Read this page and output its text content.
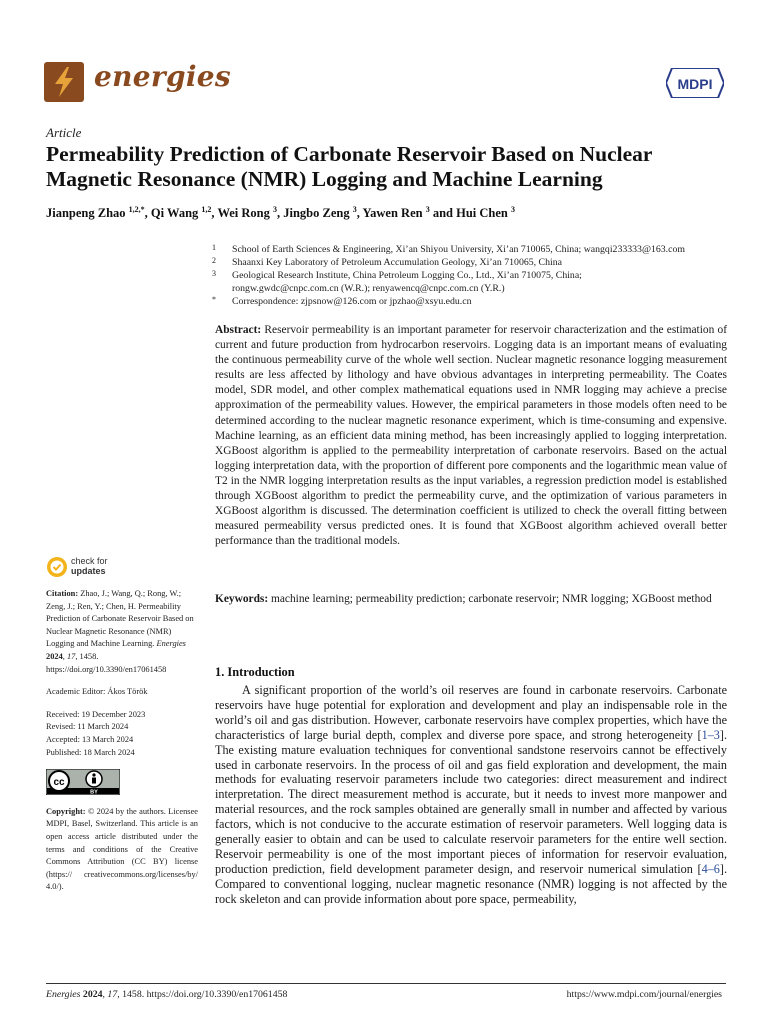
energies	MDPI
Article
Permeability Prediction of Carbonate Reservoir Based on Nuclear Magnetic Resonance (NMR) Logging and Machine Learning
Jianpeng Zhao $^{1,2,*}$, Qi Wang $^{1,2}$, Wei Rong $^3$, Jingbo Zeng $^3$, Yawen Ren $^3$ and Hui Chen $^3$
1 School of Earth Sciences & Engineering, Xi’an Shiyou University, Xi’an 710065, China; wangqi233333@163.com
2 Shaanxi Key Laboratory of Petroleum Accumulation Geology, Xi’an 710065, China
3 Geological Research Institute, China Petroleum Logging Co., Ltd., Xi’an 710075, China;
rongw.gwdc@cnpc.com.cn (W.R.); renyawencq@cnpc.com.cn (Y.R.)
* Correspondence: zjpsnow@126.com or jpzhao@xsyu.edu.cn
Abstract: Reservoir permeability is an important parameter for reservoir characterization and the estimation of current and future production from hydrocarbon reservoirs. Logging data is an important means of evaluating the continuous permeability curve of the whole well section. Nuclear magnetic resonance logging measurement results are less affected by lithology and have obvious advantages in interpreting permeability. The Coates model, SDR model, and other complex mathematical equations used in NMR logging may achieve a precise approximation of the permeability values. However, the empirical parameters in those models often need to be determined according to the nuclear magnetic resonance experiment, which is time-consuming and expensive. Machine learning, as an efficient data mining method, has been increasingly applied to logging interpretation. XGBoost algorithm is applied to the permeability interpretation of carbonate reservoirs. Based on the actual logging interpretation data, with the proportion of different pore components and the logarithmic mean value of T2 in the NMR logging interpretation results as the input variables, a regression prediction model is established through XGBoost algorithm to predict the permeability curve, and the optimization of various parameters in XGBoost algorithm is discussed. The determination coefficient is utilized to check the overall fitting between measured permeability versus predicted ones. It is found that XGBoost algorithm achieved overall better performance than the traditional models.
Keywords: machine learning; permeability prediction; carbonate reservoir; NMR logging; XGBoost method
1. Introduction
A significant proportion of the world’s oil reserves are found in carbonate reservoirs. Carbonate reservoirs have huge potential for exploration and development and play an indispensable role in the world’s oil and gas distribution. However, carbonate reservoirs have complex properties, which have the characteristics of large burial depth, complex and diverse pore space, and strong heterogeneity [1–3]. The existing mature evaluation techniques for conventional sandstone reservoirs cannot be effectively used in carbonate reservoirs. In the process of oil and gas field exploration and development, the main methods for evaluating reservoir parameters include two categories: direct measurement and indirect interpretation. The direct measurement method is accurate, but it needs to invest more manpower and material resources, and the rock samples obtained are generally small in number and affected by various factors, which is not conducive to the accurate estimation of reservoir parameters. Well logging data is generally easier to obtain and can be used to calculate reservoir parameters for the entire well section. Reservoir permeability is one of the most important pieces of information for reservoir evaluation, production prediction, field development parameter design, and reservoir numerical simulation [4–6]. Compared to conventional logging, nuclear magnetic resonance (NMR) logging is not affected by the rock skeleton and can provide information about pore space, permeability,
check for
updates
Citation: Zhao, J.; Wang, Q.; Rong, W.; Zeng, J.; Ren, Y.; Chen, H. Permeability Prediction of Carbonate Reservoir Based on Nuclear Magnetic Resonance (NMR) Logging and Machine Learning. Energies 2024, 17, 1458. https://doi.org/10.3390/en17061458
Academic Editor: Ákos Török
Received: 19 December 2023
Revised: 11 March 2024
Accepted: 13 March 2024
Published: 18 March 2024
cc
BY
Copyright: © 2024 by the authors. Licensee MDPI, Basel, Switzerland. This article is an open access article distributed under the terms and conditions of the Creative Commons Attribution (CC BY) license (https:// creativecommons.org/licenses/by/ 4.0/).
Energies 2024, 17, 1458. https://doi.org/10.3390/en17061458	https://www.mdpi.com/journal/energies
